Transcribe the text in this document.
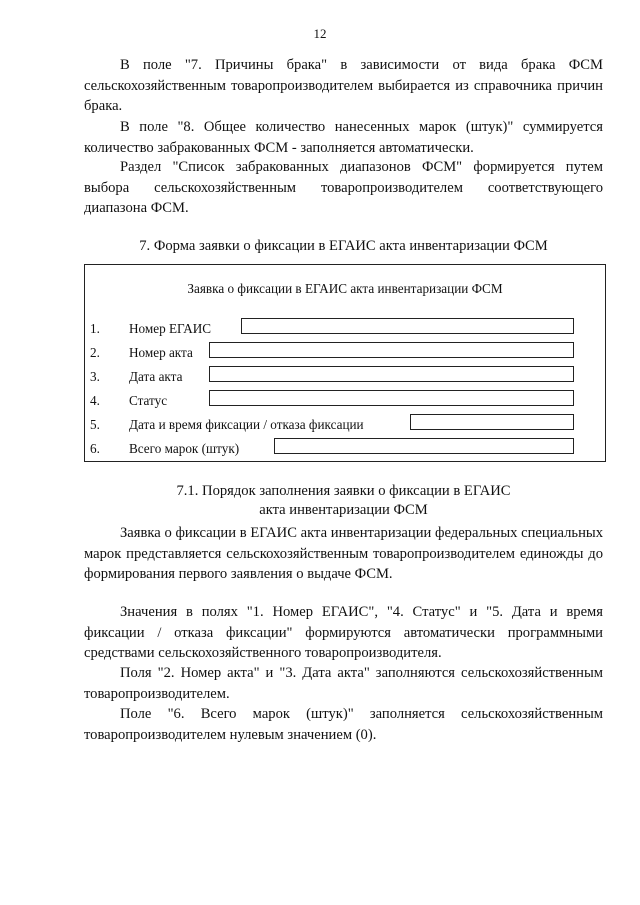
12

В поле "7. Причины брака" в зависимости от вида брака ФСМ сельскохозяйственным товаропроизводителем выбирается из справочника причин брака.

В поле "8. Общее количество нанесенных марок (штук)" суммируется количество забракованных ФСМ - заполняется автоматически.

Раздел "Список забракованных диапазонов ФСМ" формируется путем выбора сельскохозяйственным товаропроизводителем соответствующего диапазона ФСМ.

7. Форма заявки о фиксации в ЕГАИС акта инвентаризации ФСМ

Заявка о фиксации в ЕГАИС акта инвентаризации ФСМ
1. Номер ЕГАИС
2. Номер акта
3. Дата акта
4. Статус
5. Дата и время фиксации / отказа фиксации
6. Всего марок (штук)

7.1. Порядок заполнения заявки о фиксации в ЕГАИС

акта инвентаризации ФСМ

Заявка о фиксации в ЕГАИС акта инвентаризации федеральных специальных марок представляется сельскохозяйственным товаропроизводителем единожды до формирования первого заявления о выдаче ФСМ.

Значения в полях "1. Номер ЕГАИС", "4. Статус" и "5. Дата и время фиксации / отказа фиксации" формируются автоматически программными средствами сельскохозяйственного товаропроизводителя.

Поля "2. Номер акта" и "3. Дата акта" заполняются сельскохозяйственным товаропроизводителем.

Поле "6. Всего марок (штук)" заполняется сельскохозяйственным товаропроизводителем нулевым значением (0).
